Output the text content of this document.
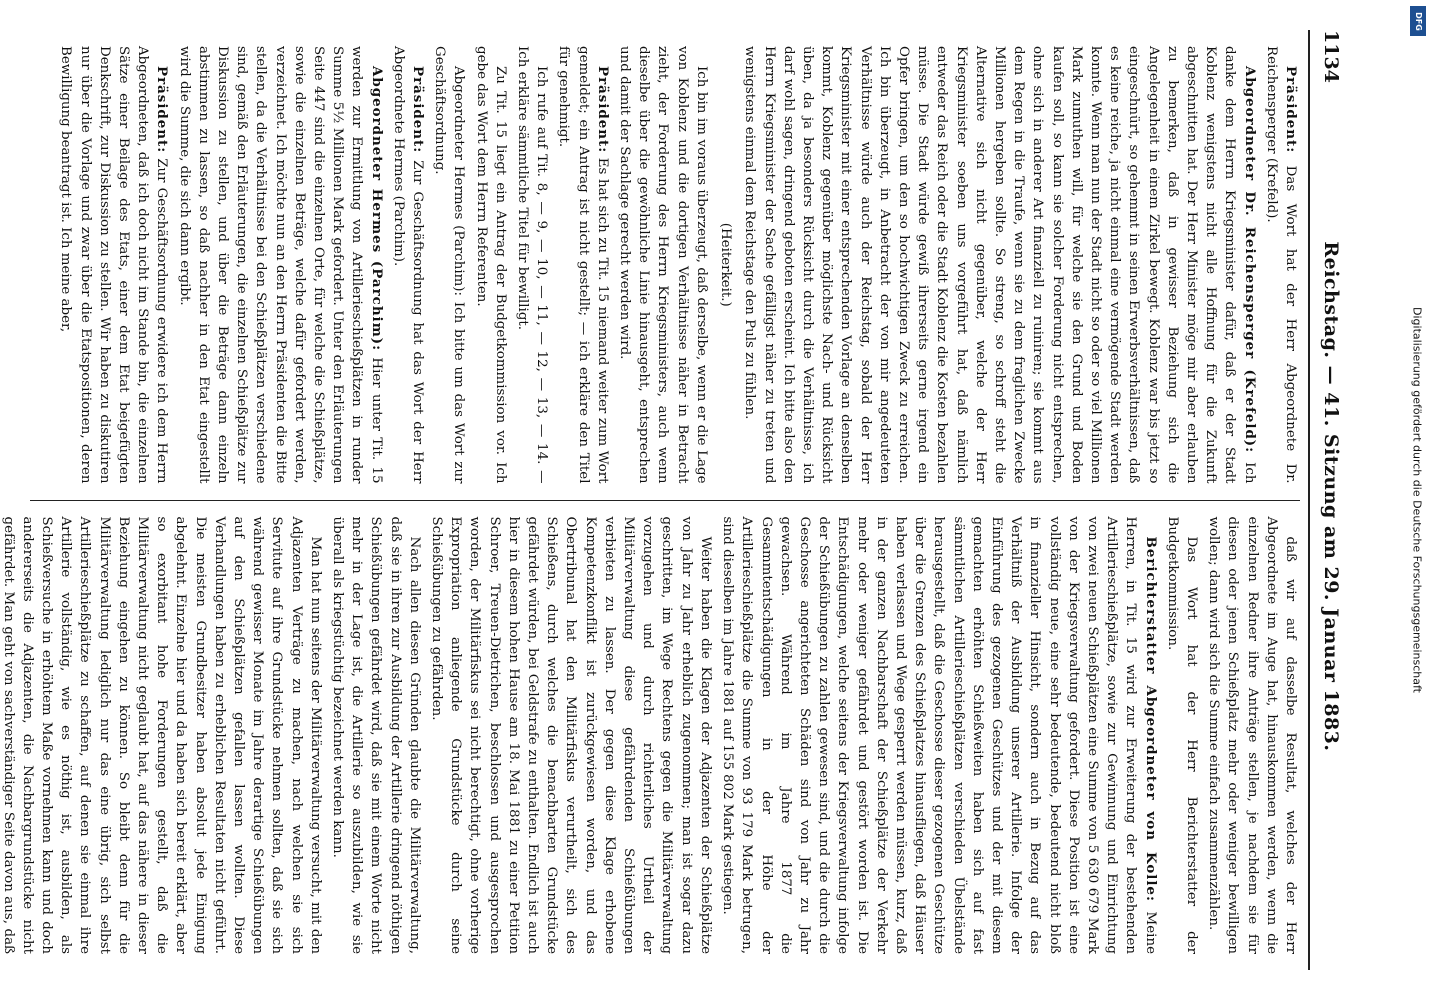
1134
Reichstag. — 41. Sitzung am 29. Januar 1883.

Präsident: Das Wort hat der Herr Abgeordnete Dr. Reichensperger (Krefeld).

Abgeordneter Dr. Reichensperger (Krefeld): Ich danke dem Herrn Kriegsminister dafür, daß er der Stadt Koblenz wenigstens nicht alle Hoffnung für die Zukunft abgeschnitten hat. Der Herr Minister möge mir aber erlauben zu bemerken, daß in gewisser Beziehung sich die Angelegenheit in einem Zirkel bewegt. Koblenz war bis jetzt so eingeschnürt, so gehemmt in seinen Erwerbsverhältnissen, daß es keine reiche, ja nicht einmal eine vermögende Stadt werden konnte. Wenn man nun der Stadt nicht so oder so viel Millionen Mark zumuthen will, für welche sie den Grund und Boden kaufen soll, so kann sie solcher Forderung nicht entsprechen, ohne sich in anderer Art finanziell zu ruiniren; sie kommt aus dem Regen in die Traufe, wenn sie zu dem fraglichen Zwecke Millionen hergeben sollte. So streng, so schroff steht die Alternative sich nicht gegenüber, welche der Herr Kriegsminister soeben uns vorgeführt hat, daß nämlich entweder das Reich oder die Stadt Koblenz die Kosten bezahlen müsse. Die Stadt würde gewiß ihrerseits gerne irgend ein Opfer bringen, um den so hochwichtigen Zweck zu erreichen. Ich bin überzeugt, in Anbetracht der von mir angedeuteten Verhältnisse würde auch der Reichstag, sobald der Herr Kriegsminister mit einer entsprechenden Vorlage an denselben kommt, Koblenz gegenüber möglichste Nach- und Rücksicht üben, da ja besonders Rücksicht durch die Verhältnisse, ich darf wohl sagen, dringend geboten erscheint. Ich bitte also den Herrn Kriegsminister der Sache gefälligst näher zu treten und wenigstens einmal dem Reichstage den Puls zu fühlen.

(Heiterkeit.)

Ich bin im voraus überzeugt, daß derselbe, wenn er die Lage von Koblenz und die dortigen Verhältnisse näher in Betracht zieht, der Forderung des Herrn Kriegsministers, auch wenn dieselbe über die gewöhnliche Linie hinausgeht, entsprechen und damit der Sachlage gerecht werden wird.

Präsident: Es hat sich zu Tit. 15 niemand weiter zum Wort gemeldet; ein Antrag ist nicht gestellt; — ich erkläre den Titel für genehmigt.

Ich rufe auf Tit. 8, — 9, — 10, — 11, — 12, — 13, — 14. — Ich erkläre sämmtliche Titel für bewilligt.

Zu Tit. 15 liegt ein Antrag der Budgetkommission vor. Ich gebe das Wort dem Herrn Referenten.

Abgeordneter Hermes (Parchim): Ich bitte um das Wort zur Geschäftsordnung.

Präsident: Zur Geschäftsordnung hat das Wort der Herr Abgeordnete Hermes (Parchim).

Abgeordneter Hermes (Parchim): Hier unter Tit. 15 werden zur Ermittlung von Artillerieschießplätzen in runder Summe 5½ Millionen Mark gefordert. Unter den Erläuterungen Seite 447 sind die einzelnen Orte, für welche die Schießplätze, sowie die einzelnen Beträge, welche dafür gefordert werden, verzeichnet. Ich möchte nun an den Herrn Präsidenten die Bitte stellen, da die Verhältnisse bei den Schießplätzen verschiedene sind, gemäß den Erläuterungen, die einzelnen Schießplätze zur Diskussion zu stellen, und über die Beträge dann einzeln abstimmen zu lassen, so daß nachher in den Etat eingestellt wird die Summe, die sich dann ergibt.

Präsident: Zur Geschäftsordnung erwidere ich dem Herrn Abgeordneten, daß ich doch nicht im Stande bin, die einzelnen Sätze einer Beilage des Etats, einer dem Etat beigefügten Denkschrift, zur Diskussion zu stellen. Wir haben zu diskutiren nur über die Vorlage und zwar über die Etatspositionen, deren Bewilligung beantragt ist. Ich meine aber,

daß wir auf dasselbe Resultat, welches der Herr Abgeordnete im Auge hat, hinauskommen werden, wenn die einzelnen Redner ihre Anträge stellen, je nachdem sie für diesen oder jenen Schießplatz mehr oder weniger bewilligen wollen; dann wird sich die Summe einfach zusammenzählen.

Das Wort hat der Herr Berichterstatter der Budgetkommission.

Berichterstatter Abgeordneter von Kolle: Meine Herren, in Tit. 15 wird zur Erweiterung der bestehenden Artillerieschießplätze, sowie zur Gewinnung und Einrichtung von zwei neuen Schießplätzen eine Summe von 5 630 679 Mark von der Kriegsverwaltung gefordert. Diese Position ist eine vollständig neue, eine sehr bedeutende, bedeutend nicht bloß in finanzieller Hinsicht, sondern auch in Bezug auf das Verhältniß der Ausbildung unserer Artillerie. Infolge der Einführung des gezogenen Geschützes und der mit diesem gemachten erhöhten Schießweiten haben sich auf fast sämmtlichen Artillerieschießplätzen verschieden Übelstände herausgestellt, daß die Geschosse dieser gezogenen Geschütze über die Grenzen des Schießplatzes hinausfliegen, daß Häuser haben verlassen und Wege gesperrt werden müssen, kurz, daß in der ganzen Nachbarschaft der Schießplätze der Verkehr mehr oder weniger gefährdet und gestört worden ist. Die Entschädigungen, welche seitens der Kriegsverwaltung infolge der Schießübungen zu zahlen gewesen sind, und die durch die Geschosse angerichteten Schäden sind von Jahr zu Jahr gewachsen. Während im Jahre 1877 die Gesammtentschädigungen in der Höhe der Artillerieschießplätze die Summe von 93 179 Mark betrugen, sind dieselben im Jahre 1881 auf 155 802 Mark gestiegen.

Weiter haben die Klagen der Adjazenten der Schießplätze von Jahr zu Jahr erheblich zugenommen; man ist sogar dazu geschritten, im Wege Rechtens gegen die Militärverwaltung vorzugehen und durch richterliches Urtheil der Militärverwaltung diese gefährdenden Schießübungen verbieten zu lassen. Der gegen diese Klage erhobene Kompetenzkonflikt ist zurückgewiesen worden, und das Obertribunal hat den Militärfiskus verurtheilt, sich des Schießens, durch welches die benachbarten Grundstücke gefährdet würden, bei Geldstrafe zu enthalten. Endlich ist auch hier in diesem hohen Hause am 18. Mai 1881 zu einer Petition Schroer, Treuen-Dietrichen, beschlossen und ausgesprochen worden, der Militärfiskus sei nicht berechtigt, ohne vorherige Expropriation anliegende Grundstücke durch seine Schießübungen zu gefährden.

Nach allen diesen Gründen glaubte die Militärverwaltung, daß sie in ihren zur Ausbildung der Artillerie dringend nöthigen Schießübungen gefährdet wird, daß sie mit einem Worte nicht mehr in der Lage ist, die Artillerie so auszubilden, wie sie überall als kriegstüchtig bezeichnet werden kann.

Man hat nun seitens der Militärverwaltung versucht, mit den Adjazenten Verträge zu machen, nach welchen sie sich Servitute auf ihre Grundstücke nehmen sollten, daß sie sich während gewisser Monate im Jahre derartige Schießübungen auf den Schießplätzen gefallen lassen wollten. Diese Verhandlungen haben zu erheblichen Resultaten nicht geführt. Die meisten Grundbesitzer haben absolut jede Einigung abgelehnt. Einzelne hier und da haben sich bereit erklärt, aber so exorbitant hohe Forderungen gestellt, daß die Militärverwaltung nicht geglaubt hat, auf das nähere in dieser Beziehung eingehen zu können. So bleibt denn für die Militärverwaltung lediglich nur das eine übrig, sich selbst Artillerieschießplätze zu schaffen, auf denen sie einmal ihre Artillerie vollständig, wie es nöthig ist, ausbilden, als Schießversuche in erhöhtem Maße vornehmen kann und doch andererseits die Adjazenten, die Nachbargrundstücke nicht gefährdet. Man geht von sachverständiger Seite davon aus, daß

Digitalisierung gefördert durch die Deutsche Forschungsgemeinschaft
DFG
